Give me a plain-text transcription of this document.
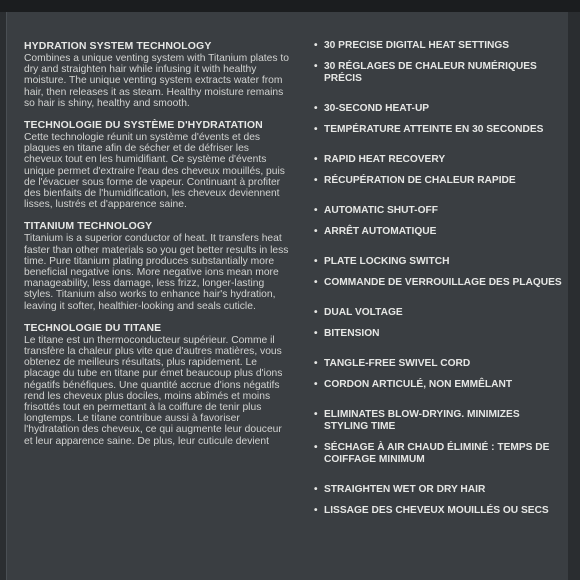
HYDRATION SYSTEM TECHNOLOGY

Combines a unique venting system with Titanium plates to dry and straighten hair while infusing it with healthy moisture. The unique venting system extracts water from hair, then releases it as steam. Healthy moisture remains so hair is shiny, healthy and smooth.

TECHNOLOGIE DU SYSTÈME D'HYDRATATION

Cette technologie réunit un système d'évents et des plaques en titane afin de sécher et de défriser les cheveux tout en les humidifiant. Ce système d'évents unique permet d'extraire l'eau des cheveux mouillés, puis de l'évacuer sous forme de vapeur. Continuant à profiter des bienfaits de l'humidification, les cheveux deviennent lisses, lustrés et d'apparence saine.

TITANIUM TECHNOLOGY

Titanium is a superior conductor of heat. It transfers heat faster than other materials so you get better results in less time. Pure titanium plating produces substantially more beneficial negative ions. More negative ions mean more manageability, less damage, less frizz, longer-lasting styles. Titanium also works to enhance hair's hydration, leaving it softer, healthier-looking and seals cuticle.

TECHNOLOGIE DU TITANE

Le titane est un thermoconducteur supérieur. Comme il transfère la chaleur plus vite que d'autres matières, vous obtenez de meilleurs résultats, plus rapidement. Le placage du tube en titane pur émet beaucoup plus d'ions négatifs bénéfiques. Une quantité accrue d'ions négatifs rend les cheveux plus dociles, moins abîmés et moins frisottés tout en permettant à la coiffure de tenir plus longtemps. Le titane contribue aussi à favoriser l'hydratation des cheveux, ce qui augmente leur douceur et leur apparence saine. De plus, leur cuticule devient

• 30 PRECISE DIGITAL HEAT SETTINGS
• 30 RÉGLAGES DE CHALEUR NUMÉRIQUES PRÉCIS
• 30-SECOND HEAT-UP
• TEMPÉRATURE ATTEINTE EN 30 SECONDES
• RAPID HEAT RECOVERY
• RÉCUPÉRATION DE CHALEUR RAPIDE
• AUTOMATIC SHUT-OFF
• ARRÊT AUTOMATIQUE
• PLATE LOCKING SWITCH
• COMMANDE DE VERROUILLAGE DES PLAQUES
• DUAL VOLTAGE
• BITENSION
• TANGLE-FREE SWIVEL CORD
• CORDON ARTICULÉ, NON EMMÊLANT
• ELIMINATES BLOW-DRYING. MINIMIZES STYLING TIME
• SÉCHAGE À AIR CHAUD ÉLIMINÉ : TEMPS DE COIFFAGE MINIMUM
• STRAIGHTEN WET OR DRY HAIR
• LISSAGE DES CHEVEUX MOUILLÉS OU SECS
